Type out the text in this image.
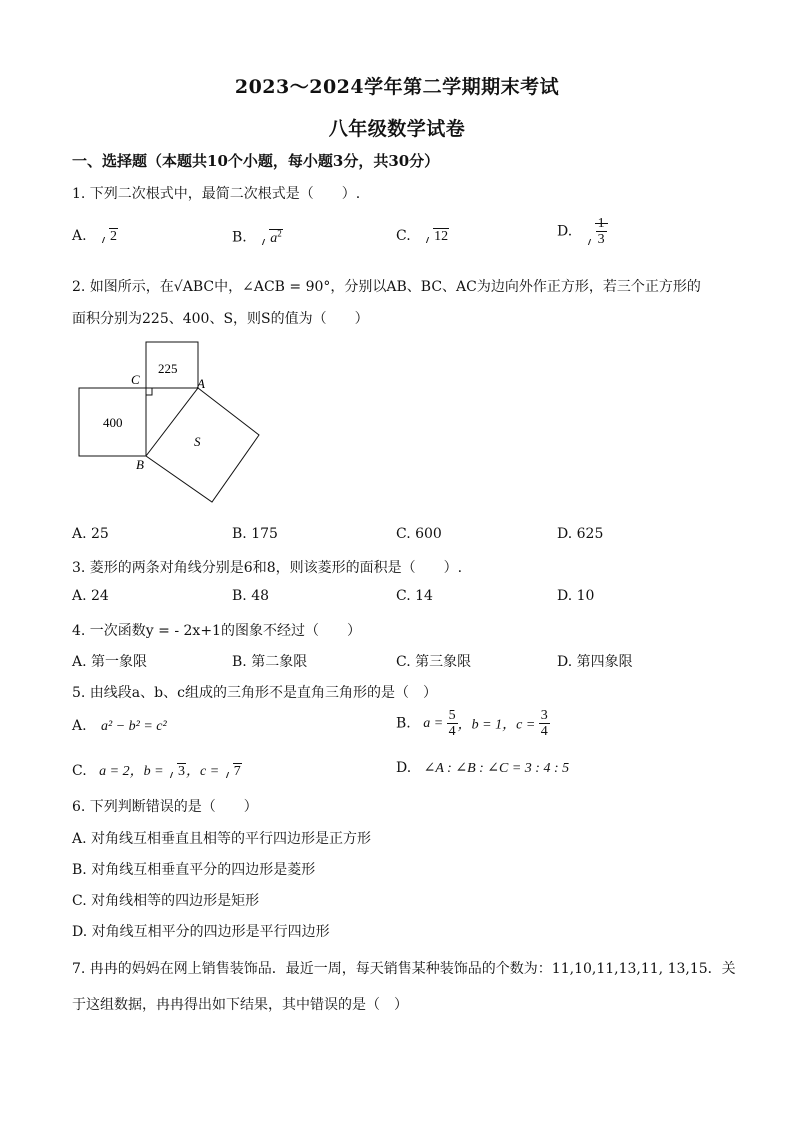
2023～2024学年第二学期期末考试
八年级数学试卷
一、选择题（本题共10个小题，每小题3分，共30分）
1. 下列二次根式中，最简二次根式是（　　）.
A. 2	B. $a^2$	C. 12	D. $\frac{1}{3}$
2. 如图所示，在√ABC中，∠ACB = 90°，分别以AB、BC、AC为边向外作正方形，若三个正方形的
面积分别为225、400、S，则S的值为（　　）
225
400
S
C	A
B
A. 25	B. 175	C. 600	D. 625
3. 菱形的两条对角线分别是6和8，则该菱形的面积是（　　）.
A. 24	B. 48	C. 14	D. 10
4. 一次函数y = - 2x+1的图象不经过（　　）
A. 第一象限	B. 第二象限	C. 第三象限	D. 第四象限
5. 由线段a、b、c组成的三角形不是直角三角形的是（　）
A. a² − b² = c²	B. $a = \frac{5}{4}$ ，b = 1，$c = \frac{3}{4}$
C. a = 2，b = 3，c = 7	D. ∠A : ∠B : ∠C = 3 : 4 : 5
6. 下列判断错误的是（　　）
A. 对角线互相垂直且相等的平行四边形是正方形
B. 对角线互相垂直平分的四边形是菱形
C. 对角线相等的四边形是矩形
D. 对角线互相平分的四边形是平行四边形
7. 冉冉的妈妈在网上销售装饰品．最近一周，每天销售某种装饰品的个数为：11,10,11,13,11, 13,15．关
于这组数据，冉冉得出如下结果，其中错误的是（　）
